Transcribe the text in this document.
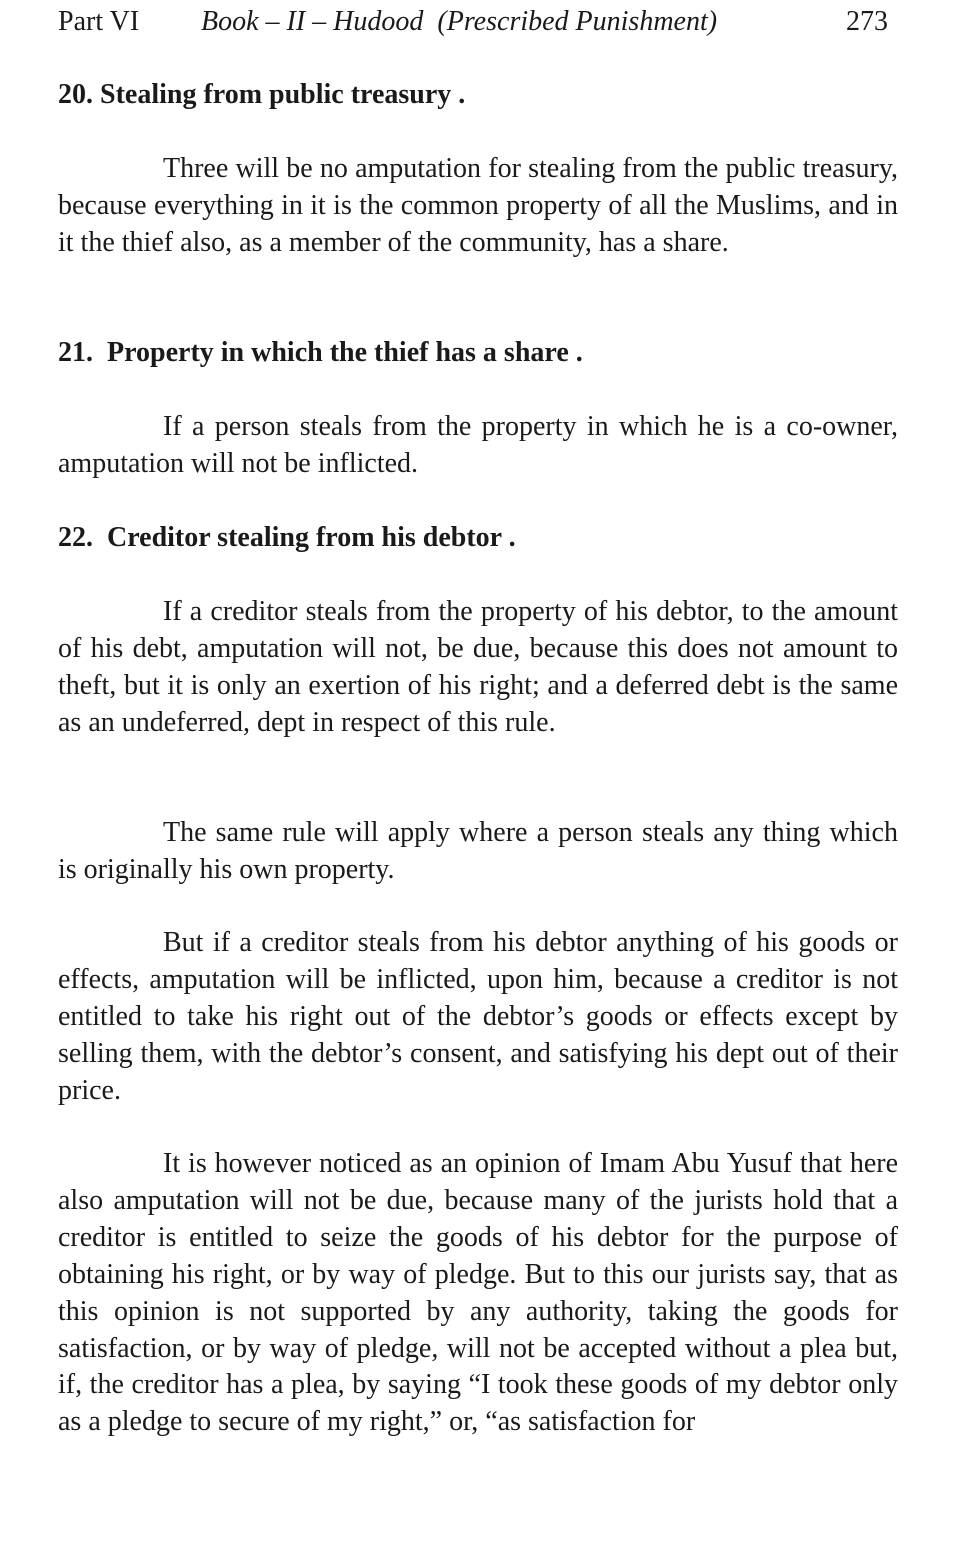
Part VI Book – II – Hudood  (Prescribed Punishment)	273
20. Stealing from public treasury .

Three will be no amputation for stealing from the public treasury, because everything in it is the common property of all the Muslims, and in it the thief also, as a member of the community, has a share.

21.  Property in which the thief has a share .

If a person steals from the property in which he is a co-owner, amputation will not be inflicted.

22.  Creditor stealing from his debtor .

If a creditor steals from the property of his debtor, to the amount of his debt, amputation will not, be due, because this does not amount to theft, but it is only an exertion of his right; and a deferred debt is the same as an undeferred, dept in respect of this rule.

The same rule will apply where a person steals any thing which is originally his own property.

But if a creditor steals from his debtor anything of his goods or effects, amputation will be inflicted, upon him, because a creditor is not entitled to take his right out of the debtor’s goods or effects except by selling them, with the debtor’s consent, and satisfying his dept out of their price.

It is however noticed as an opinion of Imam Abu Yusuf that here also amputation will not be due, because many of the jurists hold that a creditor is entitled to seize the goods of his debtor for the purpose of obtaining his right, or by way of pledge. But to this our jurists say, that as this opinion is not supported by any authority, taking the goods for satisfaction, or by way of pledge, will not be accepted without a plea but, if, the creditor has a plea, by saying “I took these goods of my debtor only as a pledge to secure of my right,” or, “as satisfaction for
